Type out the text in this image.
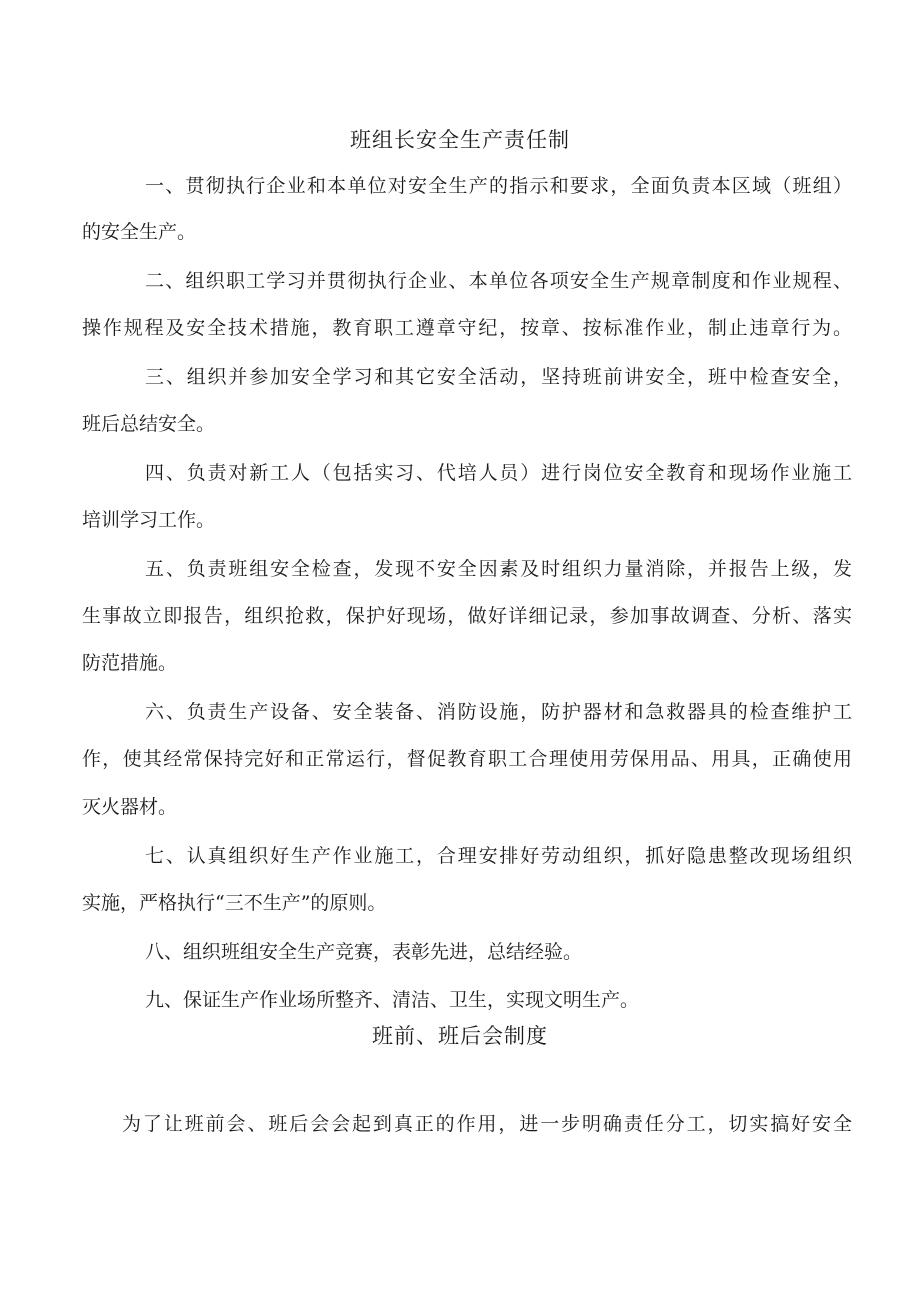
班组长安全生产责任制
一、贯彻执行企业和本单位对安全生产的指示和要求，全面负责本区域（班组）
的安全生产。
二、组织职工学习并贯彻执行企业、本单位各项安全生产规章制度和作业规程、
操作规程及安全技术措施，教育职工遵章守纪，按章、按标准作业，制止违章行为。
三、组织并参加安全学习和其它安全活动，坚持班前讲安全，班中检查安全，
班后总结安全。
四、负责对新工人（包括实习、代培人员）进行岗位安全教育和现场作业施工
培训学习工作。
五、负责班组安全检查，发现不安全因素及时组织力量消除，并报告上级，发
生事故立即报告，组织抢救，保护好现场，做好详细记录，参加事故调查、分析、落实
防范措施。
六、负责生产设备、安全装备、消防设施，防护器材和急救器具的检查维护工
作，使其经常保持完好和正常运行，督促教育职工合理使用劳保用品、用具，正确使用
灭火器材。
七、认真组织好生产作业施工，合理安排好劳动组织，抓好隐患整改现场组织
实施，严格执行“三不生产”的原则。
八、组织班组安全生产竞赛，表彰先进，总结经验。
九、保证生产作业场所整齐、清洁、卫生，实现文明生产。
班前、班后会制度
为了让班前会、班后会会起到真正的作用，进一步明确责任分工，切实搞好安全
